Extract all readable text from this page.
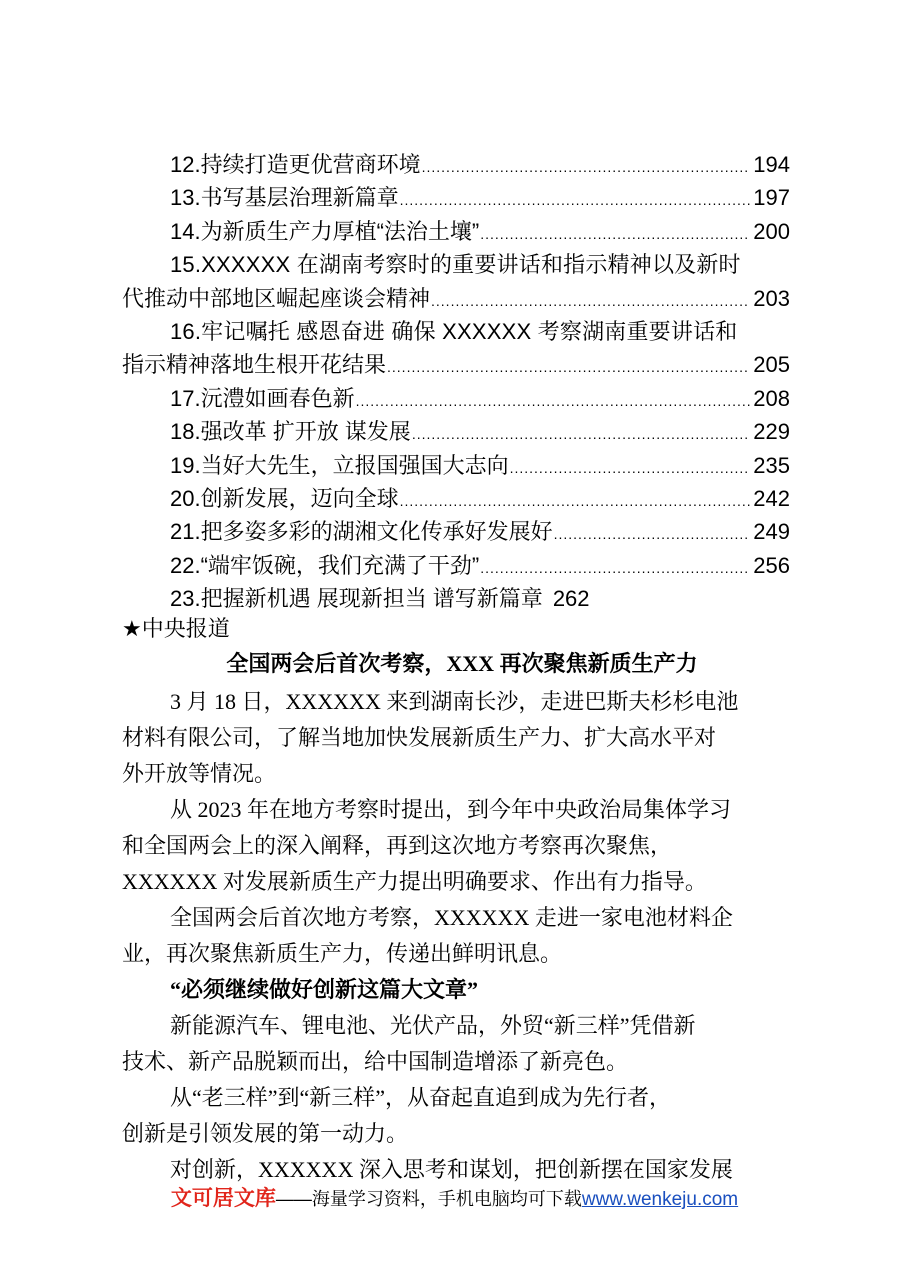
12.持续打造更优营商环境 .....	194
13.书写基层治理新篇章 .....	197
14.为新质生产力厚植“法治土壤” .....	200
15.XXXXXX 在湖南考察时的重要讲话和指示精神以及新时
代推动中部地区崛起座谈会精神 .....	203
16.牢记嘱托 感恩奋进 确保 XXXXXX 考察湖南重要讲话和
指示精神落地生根开花结果 .....	205
17.沅澧如画春色新 .....	208
18.强改革 扩开放 谋发展 .....	229
19.当好大先生，立报国强国大志向 .....	235
20.创新发展，迈向全球 .....	242
21.把多姿多彩的湖湘文化传承好发展好 .....	249
22.“端牢饭碗，我们充满了干劲” .....	256
23.把握新机遇 展现新担当 谱写新篇章 262
★中央报道
全国两会后首次考察，XXX 再次聚焦新质生产力
3 月 18 日，XXXXXX 来到湖南长沙，走进巴斯夫杉杉电池
材料有限公司，了解当地加快发展新质生产力、扩大高水平对
外开放等情况。
从 2023 年在地方考察时提出，到今年中央政治局集体学习
和全国两会上的深入阐释，再到这次地方考察再次聚焦，
XXXXXX 对发展新质生产力提出明确要求、作出有力指导。
全国两会后首次地方考察，XXXXXX 走进一家电池材料企
业，再次聚焦新质生产力，传递出鲜明讯息。
“必须继续做好创新这篇大文章”
新能源汽车、锂电池、光伏产品，外贸“新三样”凭借新
技术、新产品脱颖而出，给中国制造增添了新亮色。
从“老三样”到“新三样”，从奋起直追到成为先行者，
创新是引领发展的第一动力。
对创新，XXXXXX 深入思考和谋划，把创新摆在国家发展
文可居文库——海量学习资料，手机电脑均可下载www.wenkeju.com
